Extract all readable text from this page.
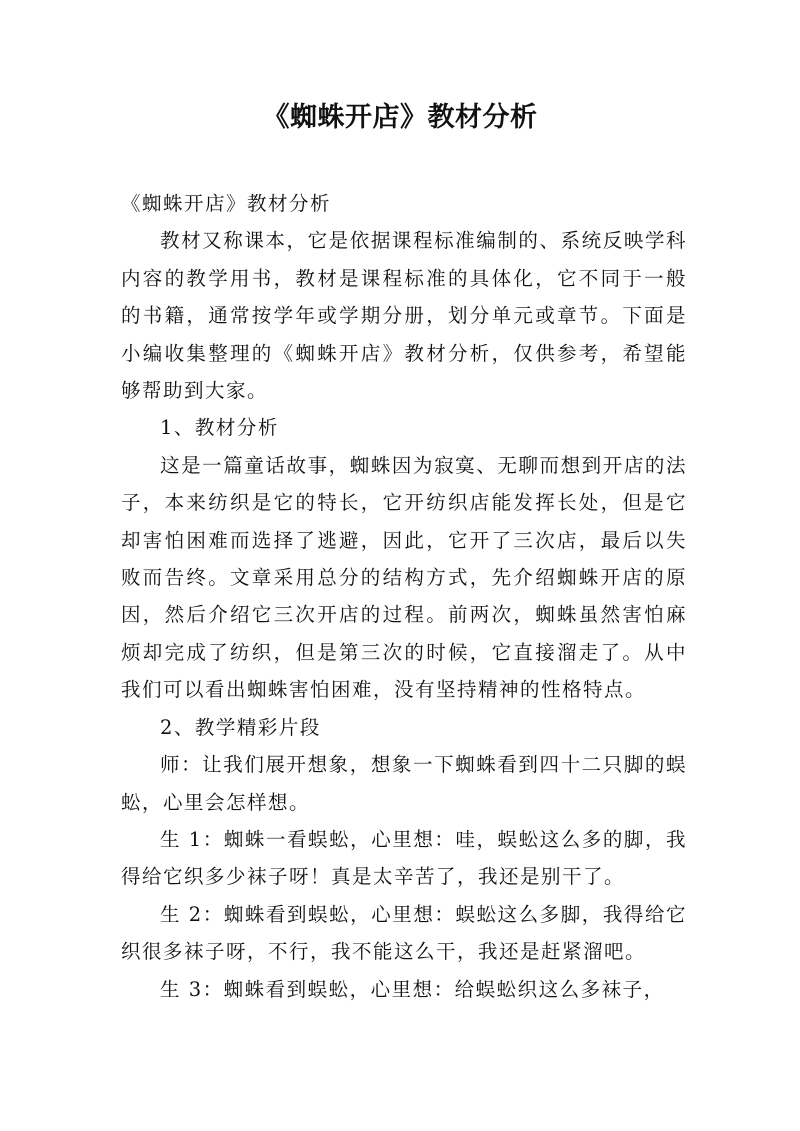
《蜘蛛开店》教材分析

《蜘蛛开店》教材分析

教材又称课本，它是依据课程标准编制的、系统反映学科内容的教学用书，教材是课程标准的具体化，它不同于一般的书籍，通常按学年或学期分册，划分单元或章节。下面是小编收集整理的《蜘蛛开店》教材分析，仅供参考，希望能够帮助到大家。

1、教材分析

这是一篇童话故事，蜘蛛因为寂寞、无聊而想到开店的法子，本来纺织是它的特长，它开纺织店能发挥长处，但是它却害怕困难而选择了逃避，因此，它开了三次店，最后以失败而告终。文章采用总分的结构方式，先介绍蜘蛛开店的原因，然后介绍它三次开店的过程。前两次，蜘蛛虽然害怕麻烦却完成了纺织，但是第三次的时候，它直接溜走了。从中我们可以看出蜘蛛害怕困难，没有坚持精神的性格特点。

2、教学精彩片段

师：让我们展开想象，想象一下蜘蛛看到四十二只脚的蜈蚣，心里会怎样想。

生 1：蜘蛛一看蜈蚣，心里想：哇，蜈蚣这么多的脚，我得给它织多少袜子呀！真是太辛苦了，我还是别干了。

生 2：蜘蛛看到蜈蚣，心里想：蜈蚣这么多脚，我得给它织很多袜子呀，不行，我不能这么干，我还是赶紧溜吧。

生 3：蜘蛛看到蜈蚣，心里想：给蜈蚣织这么多袜子，
